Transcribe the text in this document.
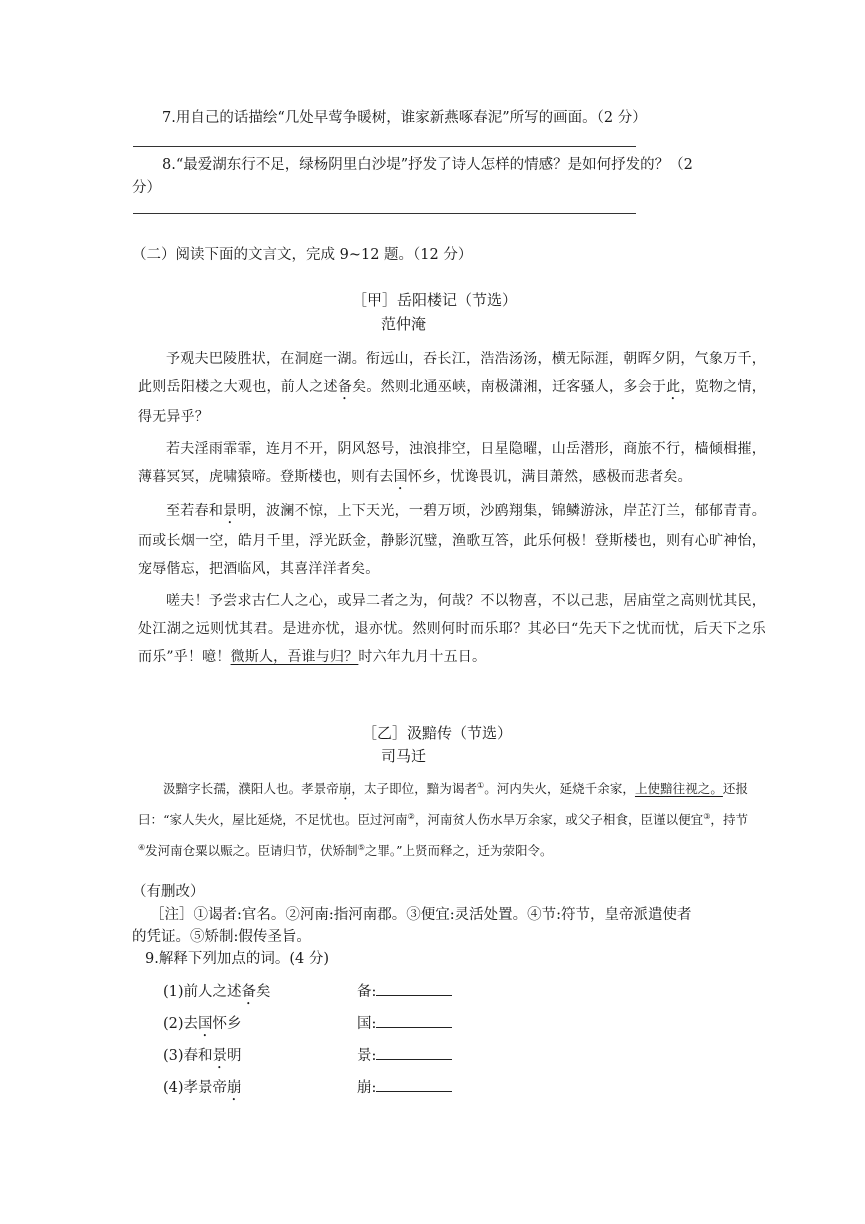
7.用自己的话描绘“几处早莺争暖树，谁家新燕啄春泥”所写的画面。（2 分）
8.“最爱湖东行不足，绿杨阴里白沙堤”抒发了诗人怎样的情感？是如何抒发的？（2
分）
（二）阅读下面的文言文，完成 9~12 题。（12 分）
［甲］岳阳楼记（节选）
范仲淹

予观夫巴陵胜状，在洞庭一湖。衔远山，吞长江，浩浩汤汤，横无际涯，朝晖夕阴，气象万千，此则岳阳楼之大观也，前人之述备矣。然则北通巫峡，南极潇湘，迁客骚人，多会于此，览物之情，得无异乎？

若夫淫雨霏霏，连月不开，阴风怒号，浊浪排空，日星隐曜，山岳潜形，商旅不行，樯倾楫摧，薄暮冥冥，虎啸猿啼。登斯楼也，则有去国怀乡，忧谗畏讥，满目萧然，感极而悲者矣。

至若春和景明，波澜不惊，上下天光，一碧万顷，沙鸥翔集，锦鳞游泳，岸芷汀兰，郁郁青青。而或长烟一空，皓月千里，浮光跃金，静影沉璧，渔歌互答，此乐何极！登斯楼也，则有心旷神怡，宠辱偕忘，把酒临风，其喜洋洋者矣。

嗟夫！予尝求古仁人之心，或异二者之为，何哉？不以物喜，不以己悲，居庙堂之高则忧其民，处江湖之远则忧其君。是进亦忧，退亦忧。然则何时而乐耶？其必曰“先天下之忧而忧，后天下之乐而乐”乎！噫！微斯人，吾谁与归？时六年九月十五日。

［乙］汲黯传（节选）
司马迁

汲黯字长孺，濮阳人也。孝景帝崩，太子即位，黯为谒者①。河内失火，延烧千余家，上使黯往视之。还报曰：“家人失火，屋比延烧，不足忧也。臣过河南②，河南贫人伤水旱万余家，或父子相食，臣谨以便宜③，持节④发河南仓粟以赈之。臣请归节，伏矫制⑤之罪。”上贤而释之，迁为荥阳令。

（有删改）
［注］①谒者:官名。②河南:指河南郡。③便宜:灵活处置。④节:符节，皇帝派遣使者
的凭证。⑤矫制:假传圣旨。
9.解释下列加点的词。(4 分)
(1)前人之述备矣	备:
(2)去国怀乡	国:
(3)春和景明	景:
(4)孝景帝崩	崩:
